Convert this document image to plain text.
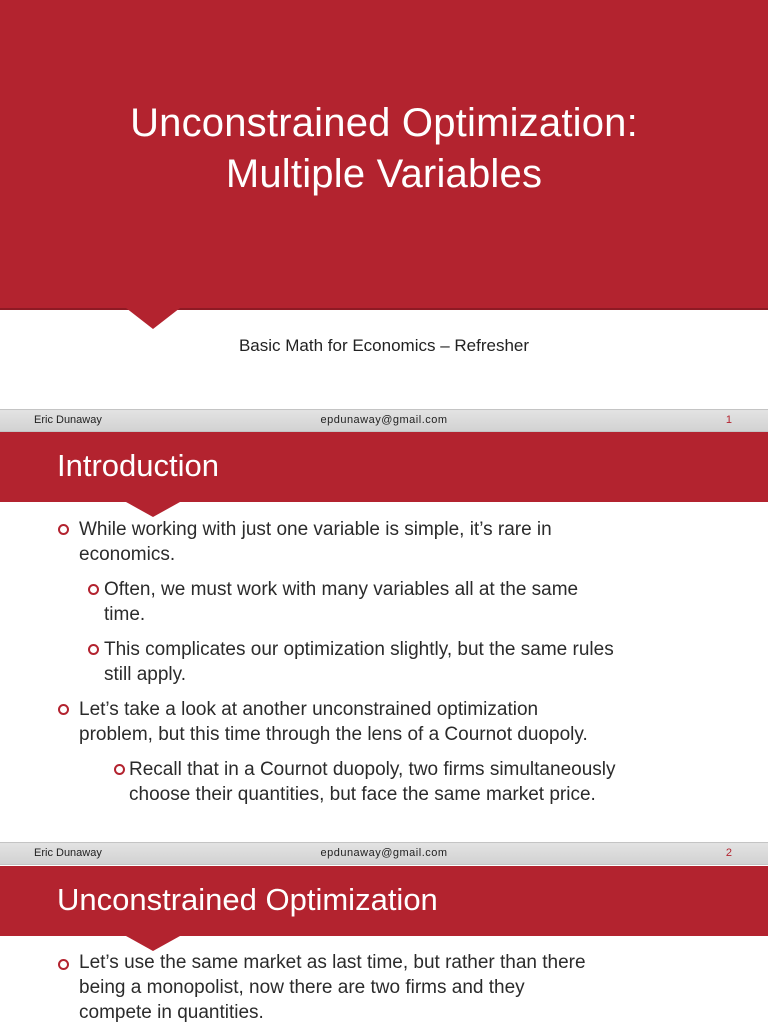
Unconstrained Optimization:
Multiple Variables
Basic Math for Economics – Refresher
Eric Dunaway	epdunaway@gmail.com	1
Introduction
While working with just one variable is simple, it’s rare in
economics.
Often, we must work with many variables all at the same
time.
This complicates our optimization slightly, but the same rules
still apply.
Let’s take a look at another unconstrained optimization
problem, but this time through the lens of a Cournot duopoly.
Recall that in a Cournot duopoly, two firms simultaneously
choose their quantities, but face the same market price.
Eric Dunaway	epdunaway@gmail.com	2
Unconstrained Optimization
Let’s use the same market as last time, but rather than there
being a monopolist, now there are two firms and they
compete in quantities.
